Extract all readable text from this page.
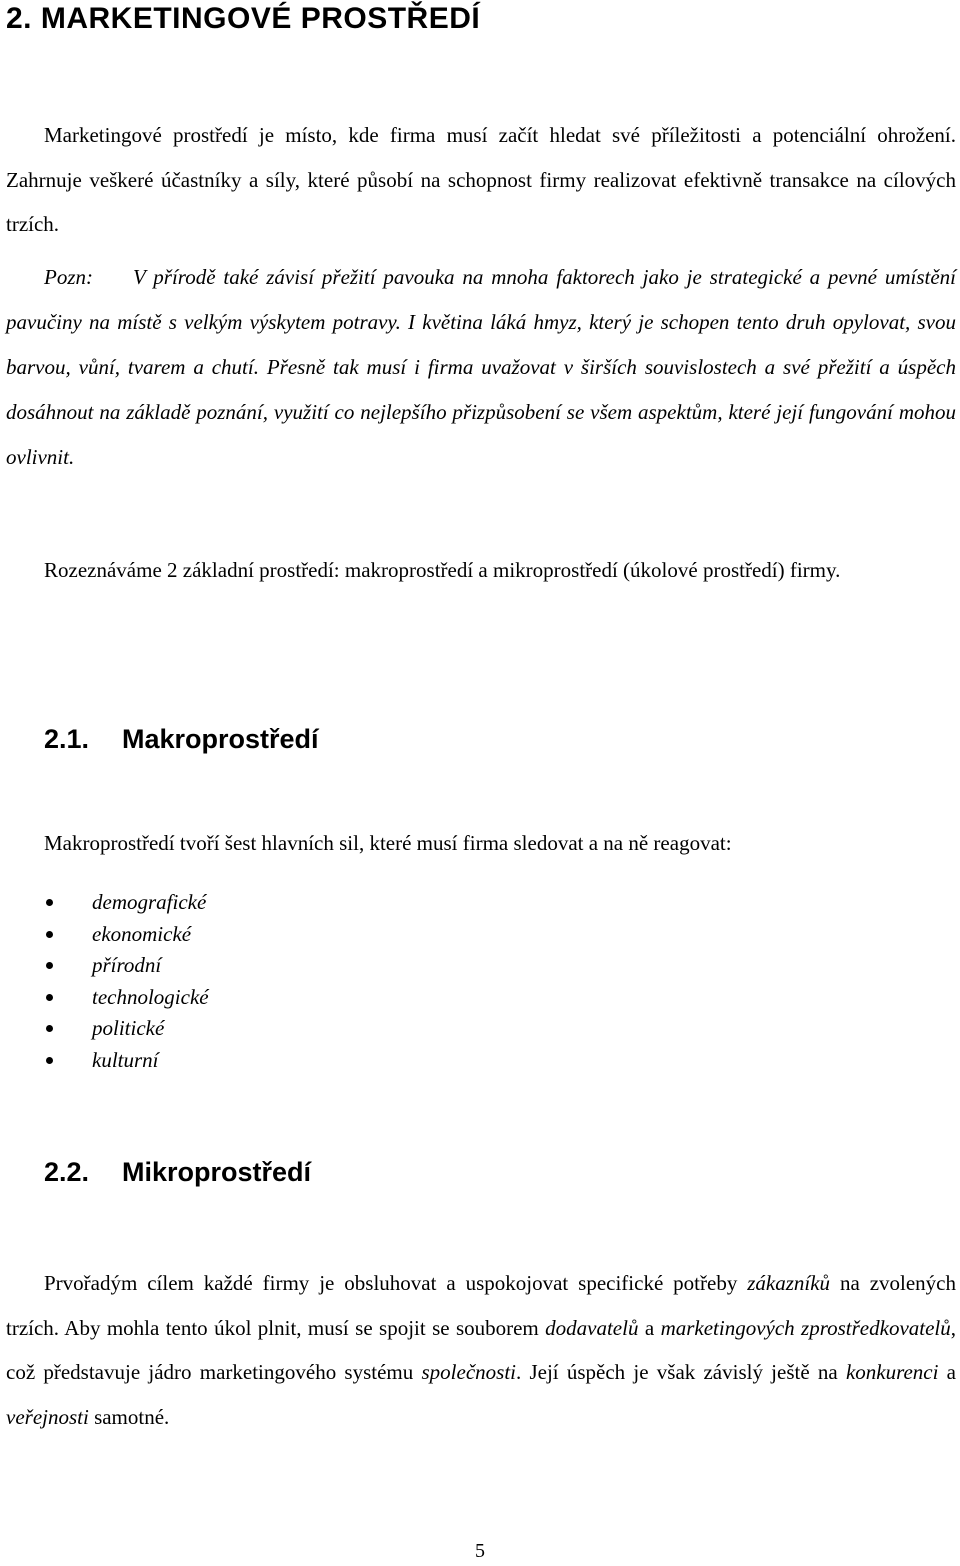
2. MARKETINGOVÉ PROSTŘEDÍ

Marketingové prostředí je místo, kde firma musí začít hledat své příležitosti a potenciální ohrožení. Zahrnuje veškeré účastníky a síly, které působí na schopnost firmy realizovat efektivně transakce na cílových trzích.

Pozn: V přírodě také závisí přežití pavouka na mnoha faktorech jako je strategické a pevné umístění pavučiny na místě s velkým výskytem potravy. I květina láká hmyz, který je schopen tento druh opylovat, svou barvou, vůní, tvarem a chutí. Přesně tak musí i firma uvažovat v širších souvislostech a své přežití a úspěch dosáhnout na základě poznání, využití co nejlepšího přizpůsobení se všem aspektům, které její fungování mohou ovlivnit.

Rozeznáváme 2 základní prostředí: makroprostředí a mikroprostředí (úkolové prostředí) firmy.

2.1. Makroprostředí

Makroprostředí tvoří šest hlavních sil, které musí firma sledovat a na ně reagovat:

demografické
ekonomické
přírodní
technologické
politické
kulturní
2.2. Mikroprostředí

Prvořadým cílem každé firmy je obsluhovat a uspokojovat specifické potřeby zákazníků na zvolených trzích. Aby mohla tento úkol plnit, musí se spojit se souborem dodavatelů a marketingových zprostředkovatelů, což představuje jádro marketingového systému společnosti. Její úspěch je však závislý ještě na konkurenci a veřejnosti samotné.

5
